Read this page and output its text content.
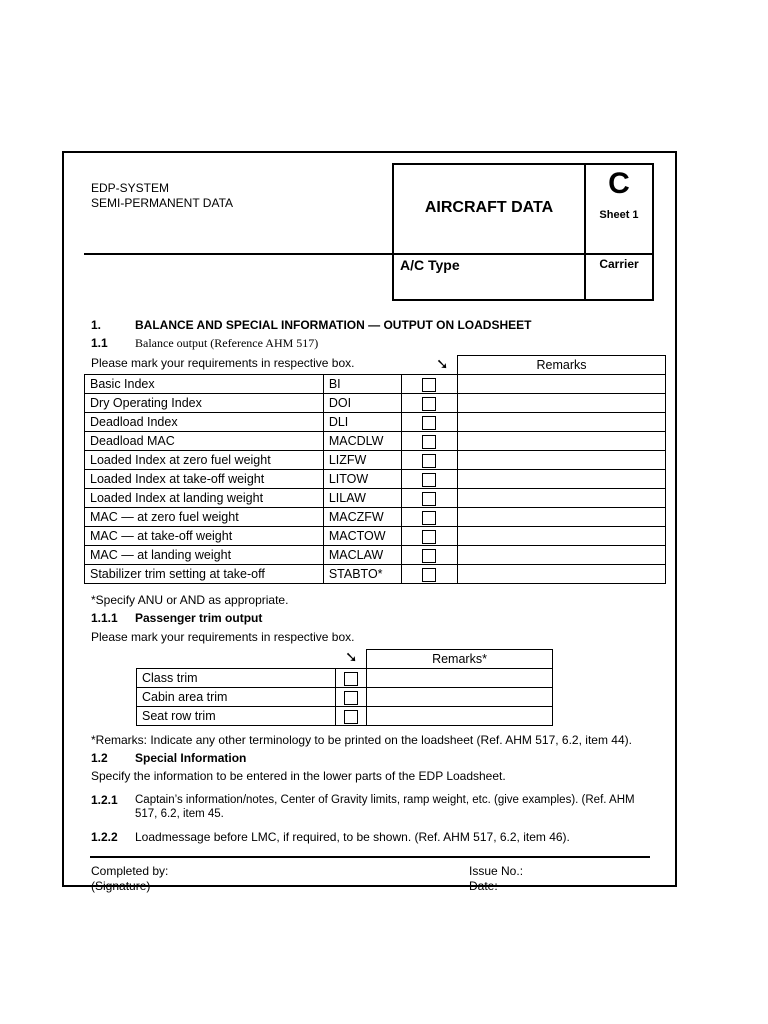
EDP-SYSTEM
SEMI-PERMANENT DATA	AIRCRAFT DATA
C
Sheet 1
A/C Type	Carrier
1.	BALANCE AND SPECIAL INFORMATION — OUTPUT ON LOADSHEET
1.1 Balance output (Reference AHM 517)
Please mark your requirements in respective box.	➘	Remarks
Basic Index	BI		
Dry Operating Index	DOI		
Deadload Index	DLI		
Deadload MAC	MACDLW		
Loaded Index at zero fuel weight	LIZFW		
Loaded Index at take-off weight	LITOW		
Loaded Index at landing weight	LILAW		
MAC — at zero fuel weight	MACZFW		
MAC — at take-off weight	MACTOW		
MAC — at landing weight	MACLAW		
Stabilizer trim setting at take-off	STABTO*		
*Specify ANU or AND as appropriate.
1.1.1 Passenger trim output
Please mark your requirements in respective box.
➘	Remarks*
Class trim		
Cabin area trim		
Seat row trim		
*Remarks: Indicate any other terminology to be printed on the loadsheet (Ref. AHM 517, 6.2, item 44).
1.2 Special Information
Specify the information to be entered in the lower parts of the EDP Loadsheet.
1.2.1 Captain’s information/notes, Center of Gravity limits, ramp weight, etc. (give examples). (Ref. AHM
517, 6.2, item 45.
1.2.2 Loadmessage before LMC, if required, to be shown. (Ref. AHM 517, 6.2, item 46).
Completed by:
(Signature)
Issue No.:
Date:
